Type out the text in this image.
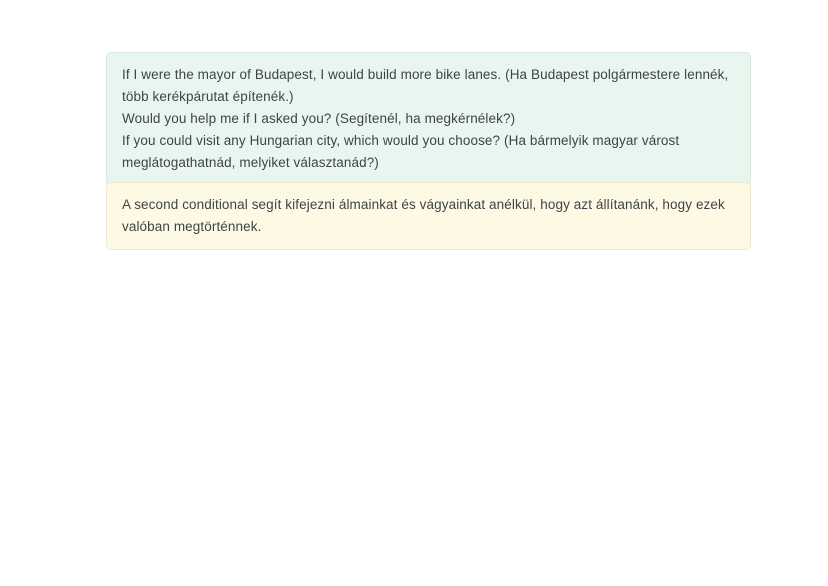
If I were the mayor of Budapest, I would build more bike lanes. (Ha Budapest polgármestere lennék, több kerékpárutat építenék.)
Would you help me if I asked you? (Segítenél, ha megkérnélek?)
If you could visit any Hungarian city, which would you choose? (Ha bármelyik magyar várost meglátogathatnád, melyiket választanád?)
A second conditional segít kifejezni álmainkat és vágyainkat anélkül, hogy azt állítanánk, hogy ezek valóban megtörténnek.
